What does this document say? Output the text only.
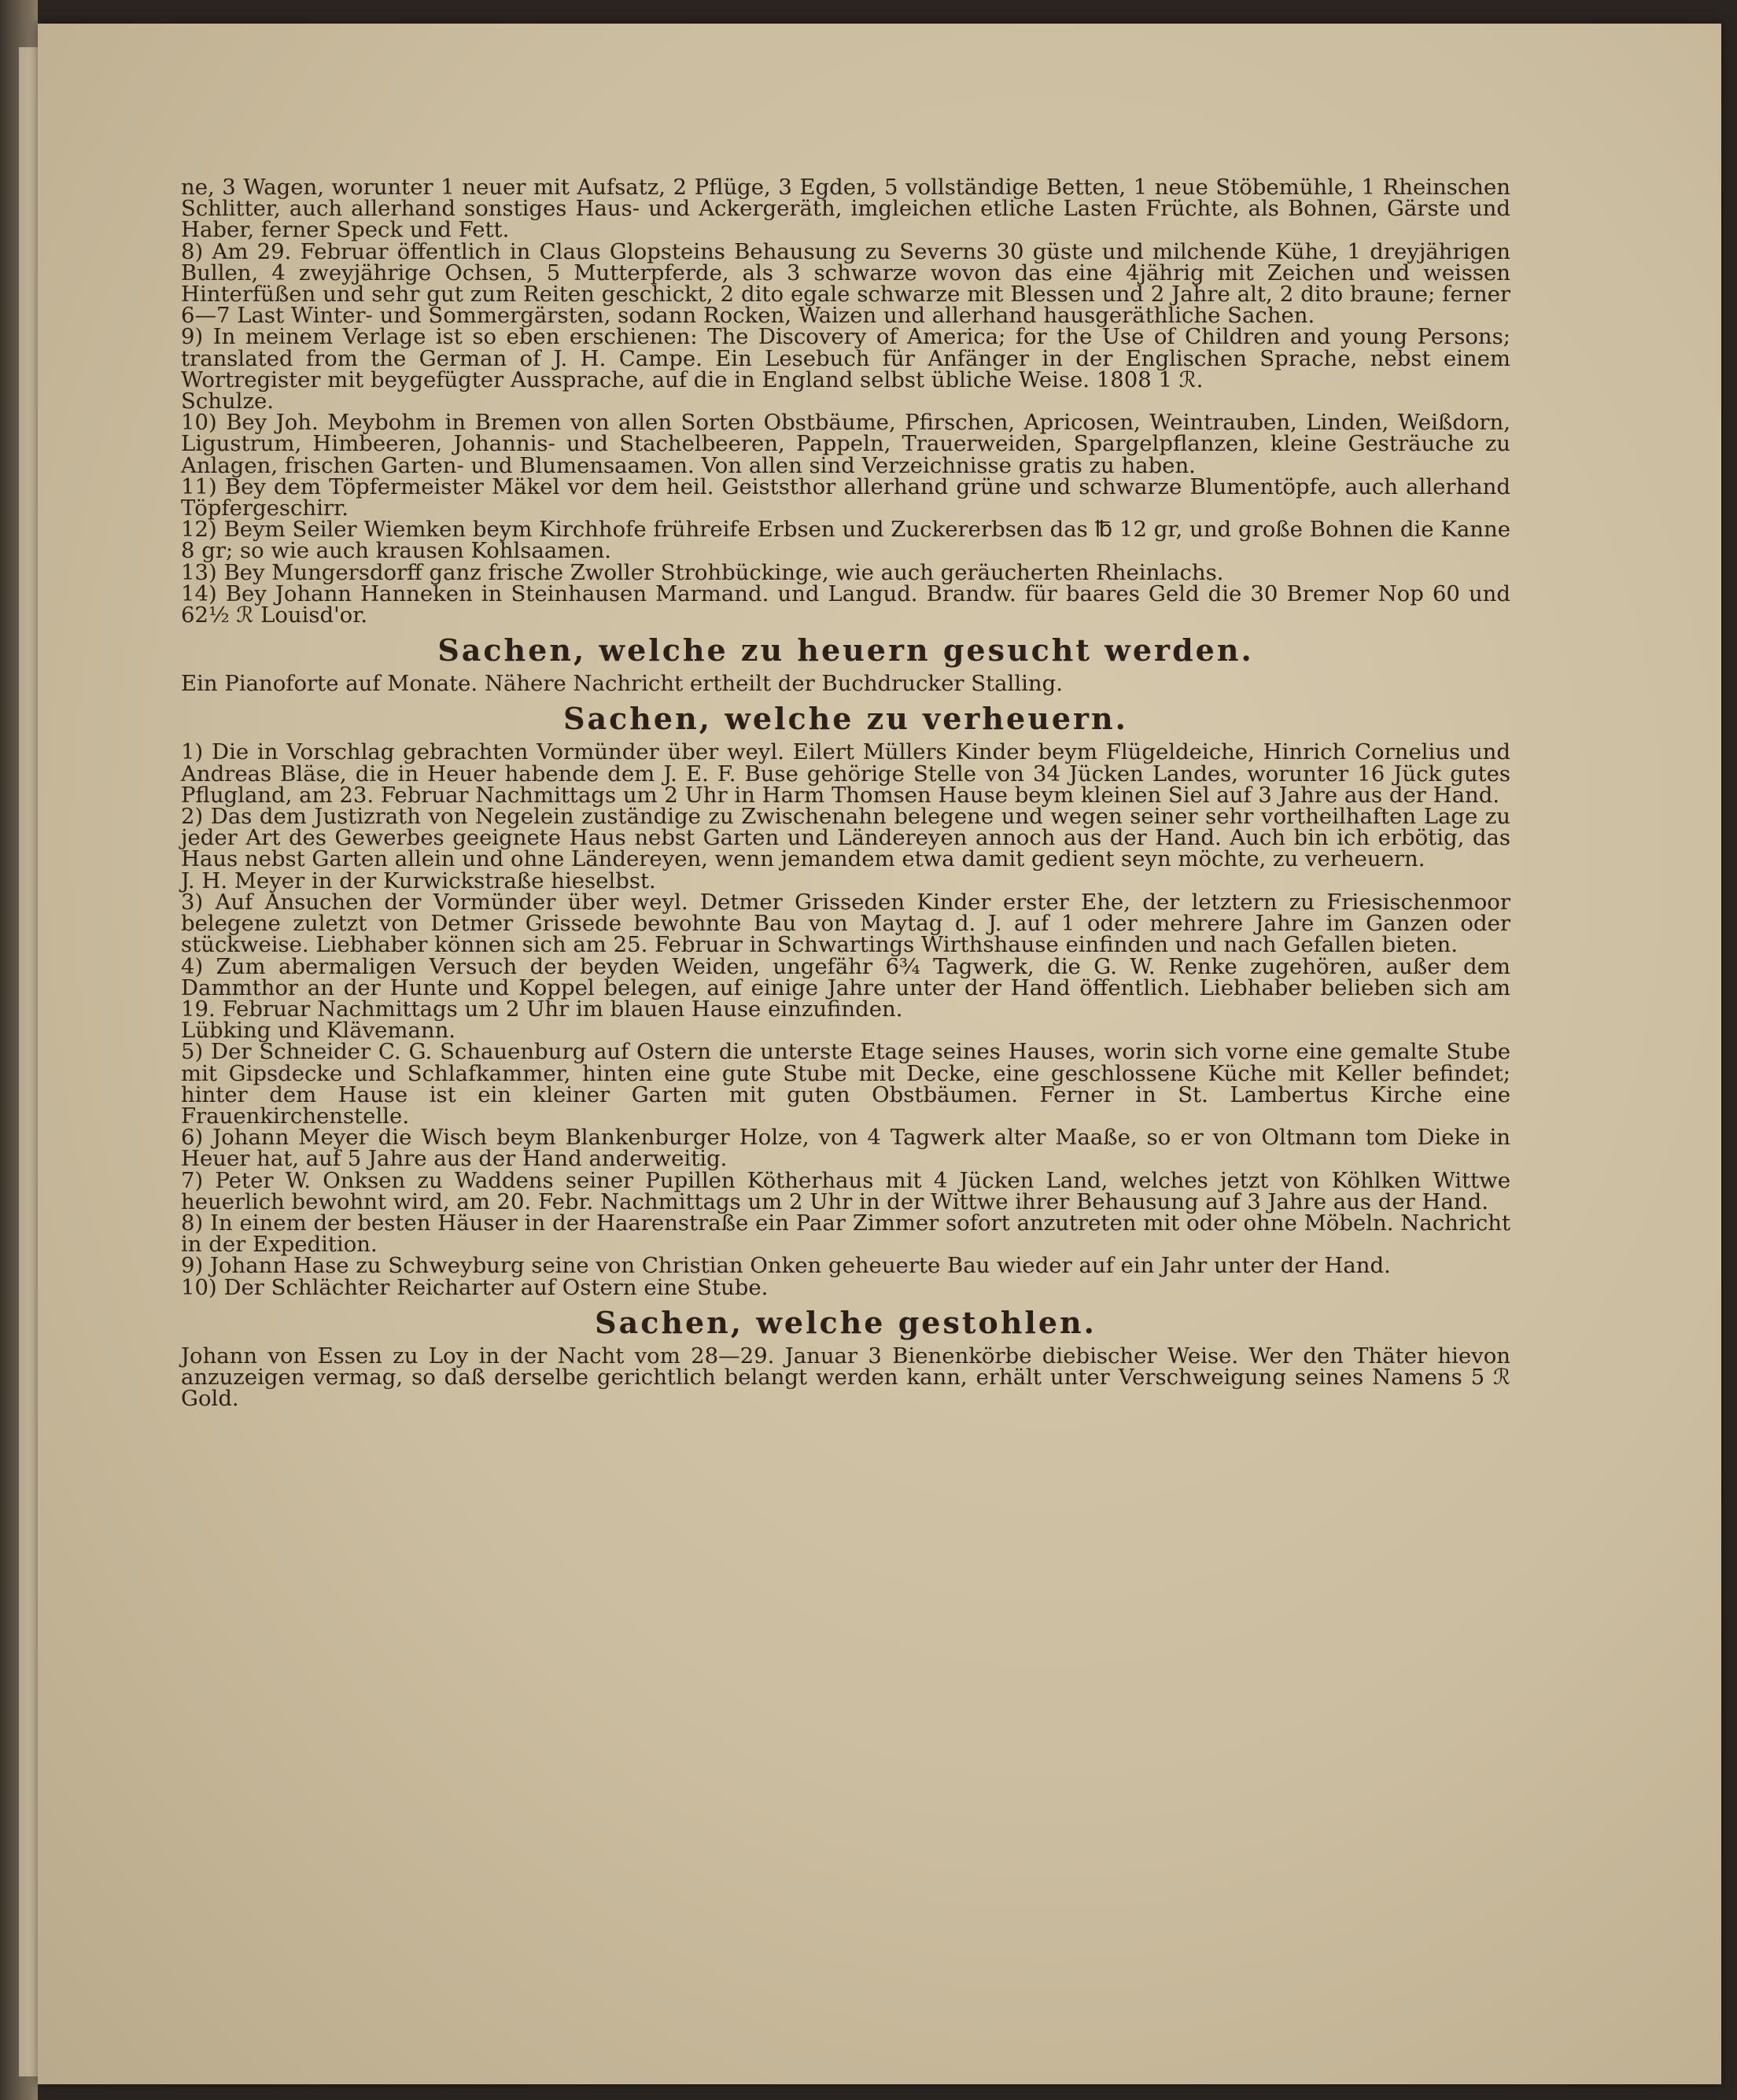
ne, 3 Wagen, worunter 1 neuer mit Aufsatz, 2 Pflüge, 3 Egden, 5 vollständige Betten, 1 neue Stöbemühle, 1 Rheinschen Schlitter, auch allerhand sonstiges Haus- und Ackergeräth, imgleichen etliche Lasten Früchte, als Bohnen, Gärste und Haber, ferner Speck und Fett.

8) Am 29. Februar öffentlich in Claus Glopsteins Behausung zu Severns 30 güste und milchende Kühe, 1 dreyjährigen Bullen, 4 zweyjährige Ochsen, 5 Mutterpferde, als 3 schwarze wovon das eine 4jährig mit Zeichen und weissen Hinterfüßen und sehr gut zum Reiten geschickt, 2 dito egale schwarze mit Blessen und 2 Jahre alt, 2 dito braune; ferner 6—7 Last Winter- und Sommergärsten, sodann Rocken, Waizen und allerhand hausgeräthliche Sachen.

9) In meinem Verlage ist so eben erschienen: The Discovery of America; for the Use of Children and young Persons; translated from the German of J. H. Campe. Ein Lesebuch für Anfänger in der Englischen Sprache, nebst einem Wortregister mit beygefügter Aussprache, auf die in England selbst übliche Weise. 1808 1 ℛ.

Schulze.

10) Bey Joh. Meybohm in Bremen von allen Sorten Obstbäume, Pfirschen, Apricosen, Weintrauben, Linden, Weißdorn, Ligustrum, Himbeeren, Johannis- und Stachelbeeren, Pappeln, Trauerweiden, Spargelpflanzen, kleine Gesträuche zu Anlagen, frischen Garten- und Blumensaamen. Von allen sind Verzeichnisse gratis zu haben.

11) Bey dem Töpfermeister Mäkel vor dem heil. Geiststhor allerhand grüne und schwarze Blumentöpfe, auch allerhand Töpfergeschirr.

12) Beym Seiler Wiemken beym Kirchhofe frühreife Erbsen und Zuckererbsen das ℔ 12 gr, und große Bohnen die Kanne 8 gr; so wie auch krausen Kohlsaamen.

13) Bey Mungersdorff ganz frische Zwoller Strohbückinge, wie auch geräucherten Rheinlachs.

14) Bey Johann Hanneken in Steinhausen Marmand. und Langud. Brandw. für baares Geld die 30 Bremer Nop 60 und 62½ ℛ Louisd'or.

Sachen, welche zu heuern gesucht werden.

Ein Pianoforte auf Monate. Nähere Nachricht ertheilt der Buchdrucker Stalling.

Sachen, welche zu verheuern.

1) Die in Vorschlag gebrachten Vormünder über weyl. Eilert Müllers Kinder beym Flügeldeiche, Hinrich Cornelius und Andreas Bläse, die in Heuer habende dem J. E. F. Buse gehörige Stelle von 34 Jücken Landes, worunter 16 Jück gutes Pflugland, am 23. Februar Nachmittags um 2 Uhr in Harm Thomsen Hause beym kleinen Siel auf 3 Jahre aus der Hand.

2) Das dem Justizrath von Negelein zuständige zu Zwischenahn belegene und wegen seiner sehr vortheilhaften Lage zu jeder Art des Gewerbes geeignete Haus nebst Garten und Ländereyen annoch aus der Hand. Auch bin ich erbötig, das Haus nebst Garten allein und ohne Ländereyen, wenn jemandem etwa damit gedient seyn möchte, zu verheuern.

J. H. Meyer in der Kurwickstraße hieselbst.

3) Auf Ansuchen der Vormünder über weyl. Detmer Grisseden Kinder erster Ehe, der letztern zu Friesischenmoor belegene zuletzt von Detmer Grissede bewohnte Bau von Maytag d. J. auf 1 oder mehrere Jahre im Ganzen oder stückweise. Liebhaber können sich am 25. Februar in Schwartings Wirthshause einfinden und nach Gefallen bieten.

4) Zum abermaligen Versuch der beyden Weiden, ungefähr 6¾ Tagwerk, die G. W. Renke zugehören, außer dem Dammthor an der Hunte und Koppel belegen, auf einige Jahre unter der Hand öffentlich. Liebhaber belieben sich am 19. Februar Nachmittags um 2 Uhr im blauen Hause einzufinden.

Lübking und Klävemann.

5) Der Schneider C. G. Schauenburg auf Ostern die unterste Etage seines Hauses, worin sich vorne eine gemalte Stube mit Gipsdecke und Schlafkammer, hinten eine gute Stube mit Decke, eine geschlossene Küche mit Keller befindet; hinter dem Hause ist ein kleiner Garten mit guten Obstbäumen. Ferner in St. Lambertus Kirche eine Frauenkirchenstelle.

6) Johann Meyer die Wisch beym Blankenburger Holze, von 4 Tagwerk alter Maaße, so er von Oltmann tom Dieke in Heuer hat, auf 5 Jahre aus der Hand anderweitig.

7) Peter W. Onksen zu Waddens seiner Pupillen Kötherhaus mit 4 Jücken Land, welches jetzt von Köhlken Wittwe heuerlich bewohnt wird, am 20. Febr. Nachmittags um 2 Uhr in der Wittwe ihrer Behausung auf 3 Jahre aus der Hand.

8) In einem der besten Häuser in der Haarenstraße ein Paar Zimmer sofort anzutreten mit oder ohne Möbeln. Nachricht in der Expedition.

9) Johann Hase zu Schweyburg seine von Christian Onken geheuerte Bau wieder auf ein Jahr unter der Hand.

10) Der Schlächter Reicharter auf Ostern eine Stube.

Sachen, welche gestohlen.

Johann von Essen zu Loy in der Nacht vom 28—29. Januar 3 Bienenkörbe diebischer Weise. Wer den Thäter hievon anzuzeigen vermag, so daß derselbe gerichtlich belangt werden kann, erhält unter Verschweigung seines Namens 5 ℛ Gold.
